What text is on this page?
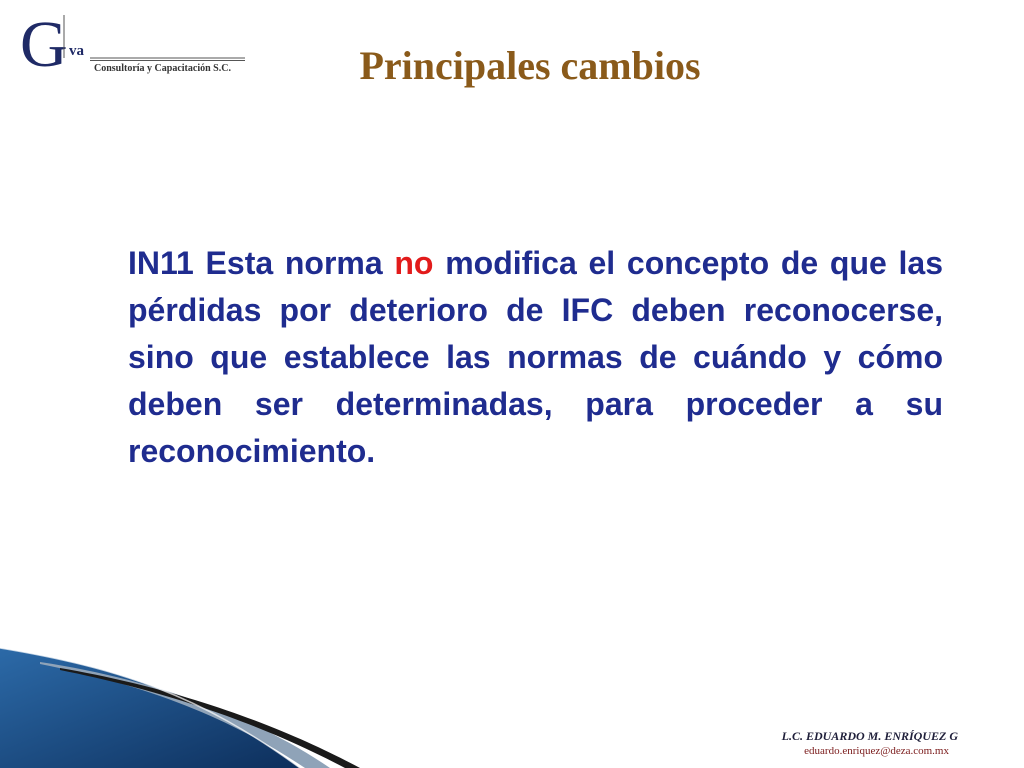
G va
Consultoría y Capacitación S.C.	Principales cambios
IN11 Esta norma no modifica el concepto de que las pérdidas por deterioro de IFC deben reconocerse, sino que establece las normas de cuándo y cómo deben ser determinadas, para proceder a su reconocimiento.
L.C. EDUARDO M. ENRÍQUEZ G
eduardo.enriquez@deza.com.mx
